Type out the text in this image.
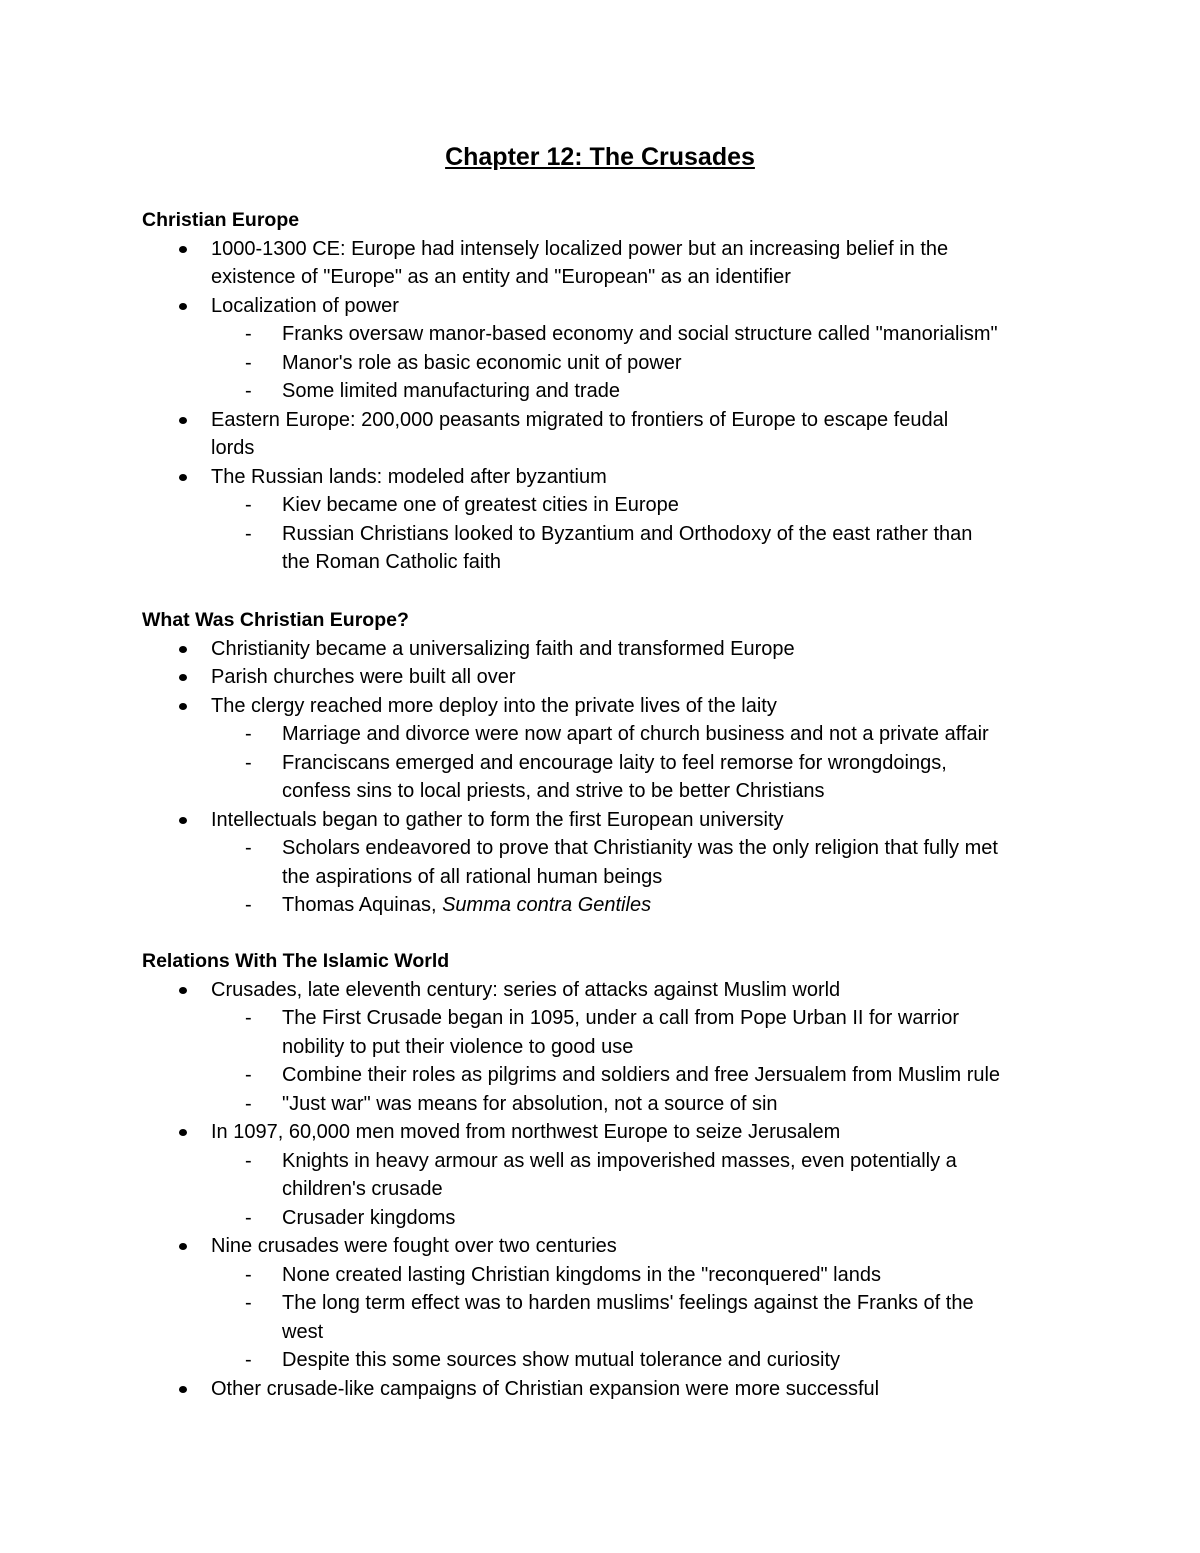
Chapter 12: The Crusades
Christian Europe
1000-1300 CE: Europe had intensely localized power but an increasing belief in the
existence of "Europe" as an entity and "European" as an identifier
Localization of power
- Franks oversaw manor-based economy and social structure called "manorialism"
- Manor's role as basic economic unit of power
- Some limited manufacturing and trade
Eastern Europe: 200,000 peasants migrated to frontiers of Europe to escape feudal
lords
The Russian lands: modeled after byzantium
- Kiev became one of greatest cities in Europe
- Russian Christians looked to Byzantium and Orthodoxy of the east rather than
the Roman Catholic faith
What Was Christian Europe?
Christianity became a universalizing faith and transformed Europe
Parish churches were built all over
The clergy reached more deploy into the private lives of the laity
- Marriage and divorce were now apart of church business and not a private affair
- Franciscans emerged and encourage laity to feel remorse for wrongdoings,
confess sins to local priests, and strive to be better Christians
Intellectuals began to gather to form the first European university
- Scholars endeavored to prove that Christianity was the only religion that fully met
the aspirations of all rational human beings
- Thomas Aquinas, Summa contra Gentiles
Relations With The Islamic World
Crusades, late eleventh century: series of attacks against Muslim world
- The First Crusade began in 1095, under a call from Pope Urban II for warrior
nobility to put their violence to good use
- Combine their roles as pilgrims and soldiers and free Jersualem from Muslim rule
- "Just war" was means for absolution, not a source of sin
In 1097, 60,000 men moved from northwest Europe to seize Jerusalem
- Knights in heavy armour as well as impoverished masses, even potentially a
children's crusade
- Crusader kingdoms
Nine crusades were fought over two centuries
- None created lasting Christian kingdoms in the "reconquered" lands
- The long term effect was to harden muslims' feelings against the Franks of the
west
- Despite this some sources show mutual tolerance and curiosity
Other crusade-like campaigns of Christian expansion were more successful
